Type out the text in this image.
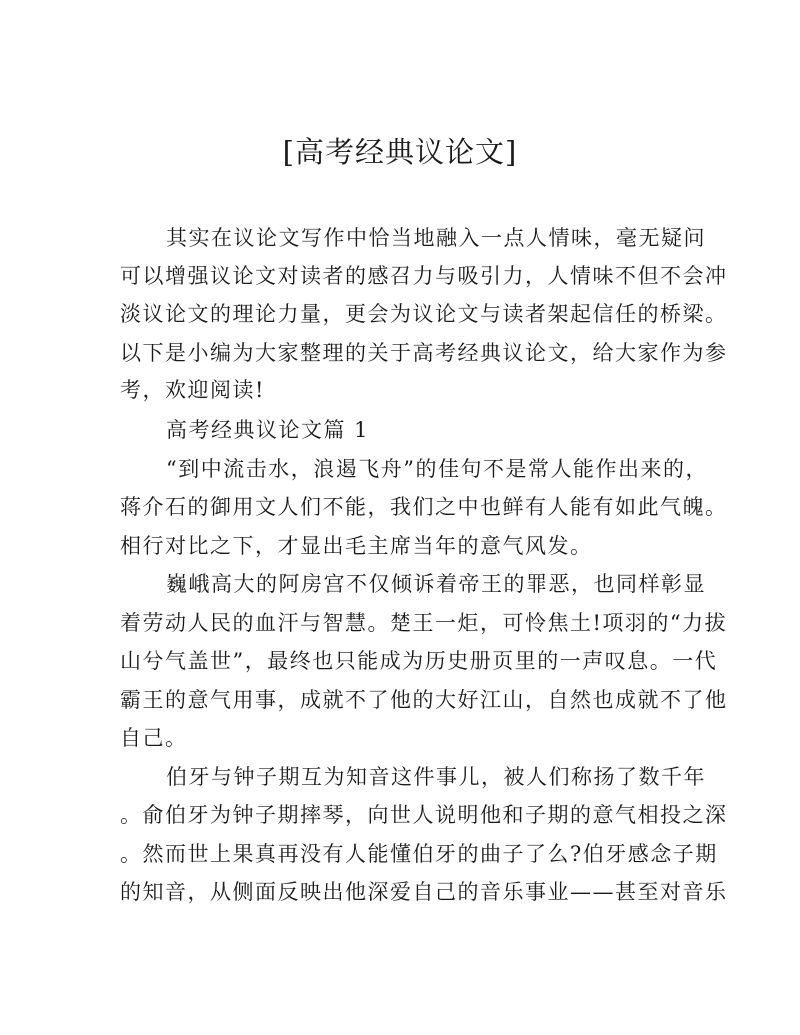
[高考经典议论文]
其实在议论文写作中恰当地融入一点人情味，毫无疑问
可以增强议论文对读者的感召力与吸引力，人情味不但不会冲
淡议论文的理论力量，更会为议论文与读者架起信任的桥梁。
以下是小编为大家整理的关于高考经典议论文，给大家作为参
考，欢迎阅读!
高考经典议论文篇 1
“到中流击水，浪遏飞舟”的佳句不是常人能作出来的，
蒋介石的御用文人们不能，我们之中也鲜有人能有如此气魄。
相行对比之下，才显出毛主席当年的意气风发。
巍峨高大的阿房宫不仅倾诉着帝王的罪恶，也同样彰显
着劳动人民的血汗与智慧。楚王一炬，可怜焦土!项羽的“力拔
山兮气盖世”，最终也只能成为历史册页里的一声叹息。一代
霸王的意气用事，成就不了他的大好江山，自然也成就不了他
自己。
伯牙与钟子期互为知音这件事儿，被人们称扬了数千年
。俞伯牙为钟子期摔琴，向世人说明他和子期的意气相投之深
。然而世上果真再没有人能懂伯牙的曲子了么?伯牙感念子期
的知音，从侧面反映出他深爱自己的音乐事业——甚至对音乐
